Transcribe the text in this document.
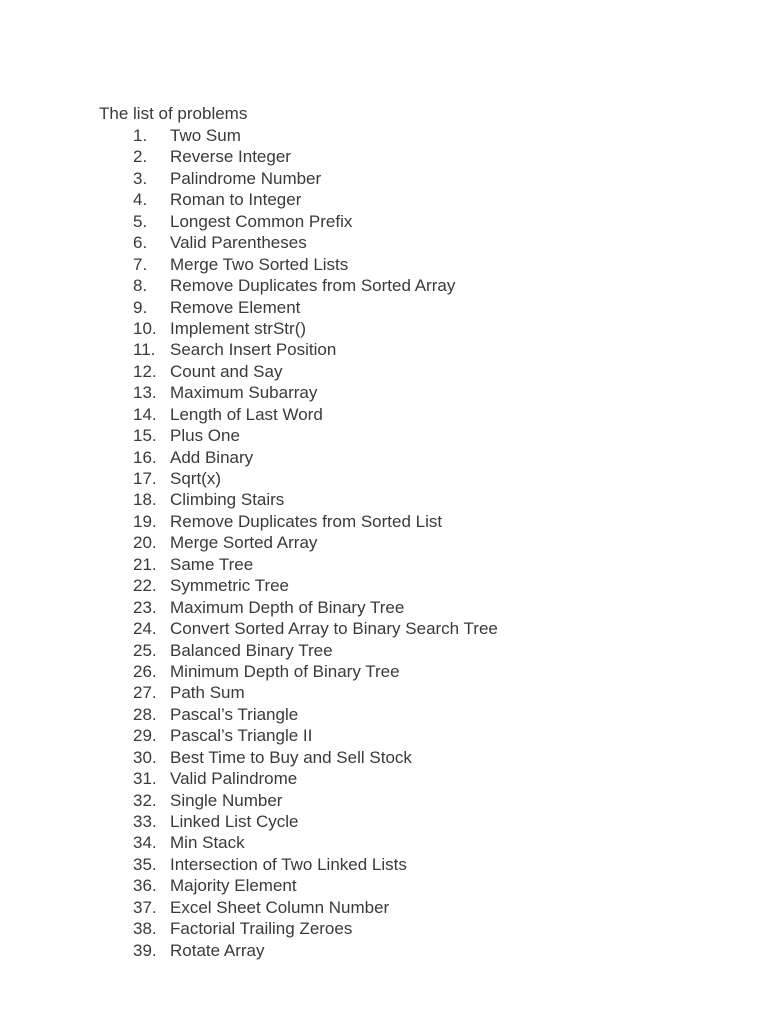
The list of problems

1.	Two Sum
2.	Reverse Integer
3.	Palindrome Number
4.	Roman to Integer
5.	Longest Common Prefix
6.	Valid Parentheses
7.	Merge Two Sorted Lists
8.	Remove Duplicates from Sorted Array
9.	Remove Element
10. Implement strStr()
11. Search Insert Position
12. Count and Say
13. Maximum Subarray
14. Length of Last Word
15. Plus One
16. Add Binary
17. Sqrt(x)
18. Climbing Stairs
19. Remove Duplicates from Sorted List
20. Merge Sorted Array
21. Same Tree
22. Symmetric Tree
23. Maximum Depth of Binary Tree
24. Convert Sorted Array to Binary Search Tree
25. Balanced Binary Tree
26. Minimum Depth of Binary Tree
27. Path Sum
28. Pascal’s Triangle
29. Pascal’s Triangle II
30. Best Time to Buy and Sell Stock
31. Valid Palindrome
32. Single Number
33. Linked List Cycle
34. Min Stack
35. Intersection of Two Linked Lists
36. Majority Element
37. Excel Sheet Column Number
38. Factorial Trailing Zeroes
39. Rotate Array
